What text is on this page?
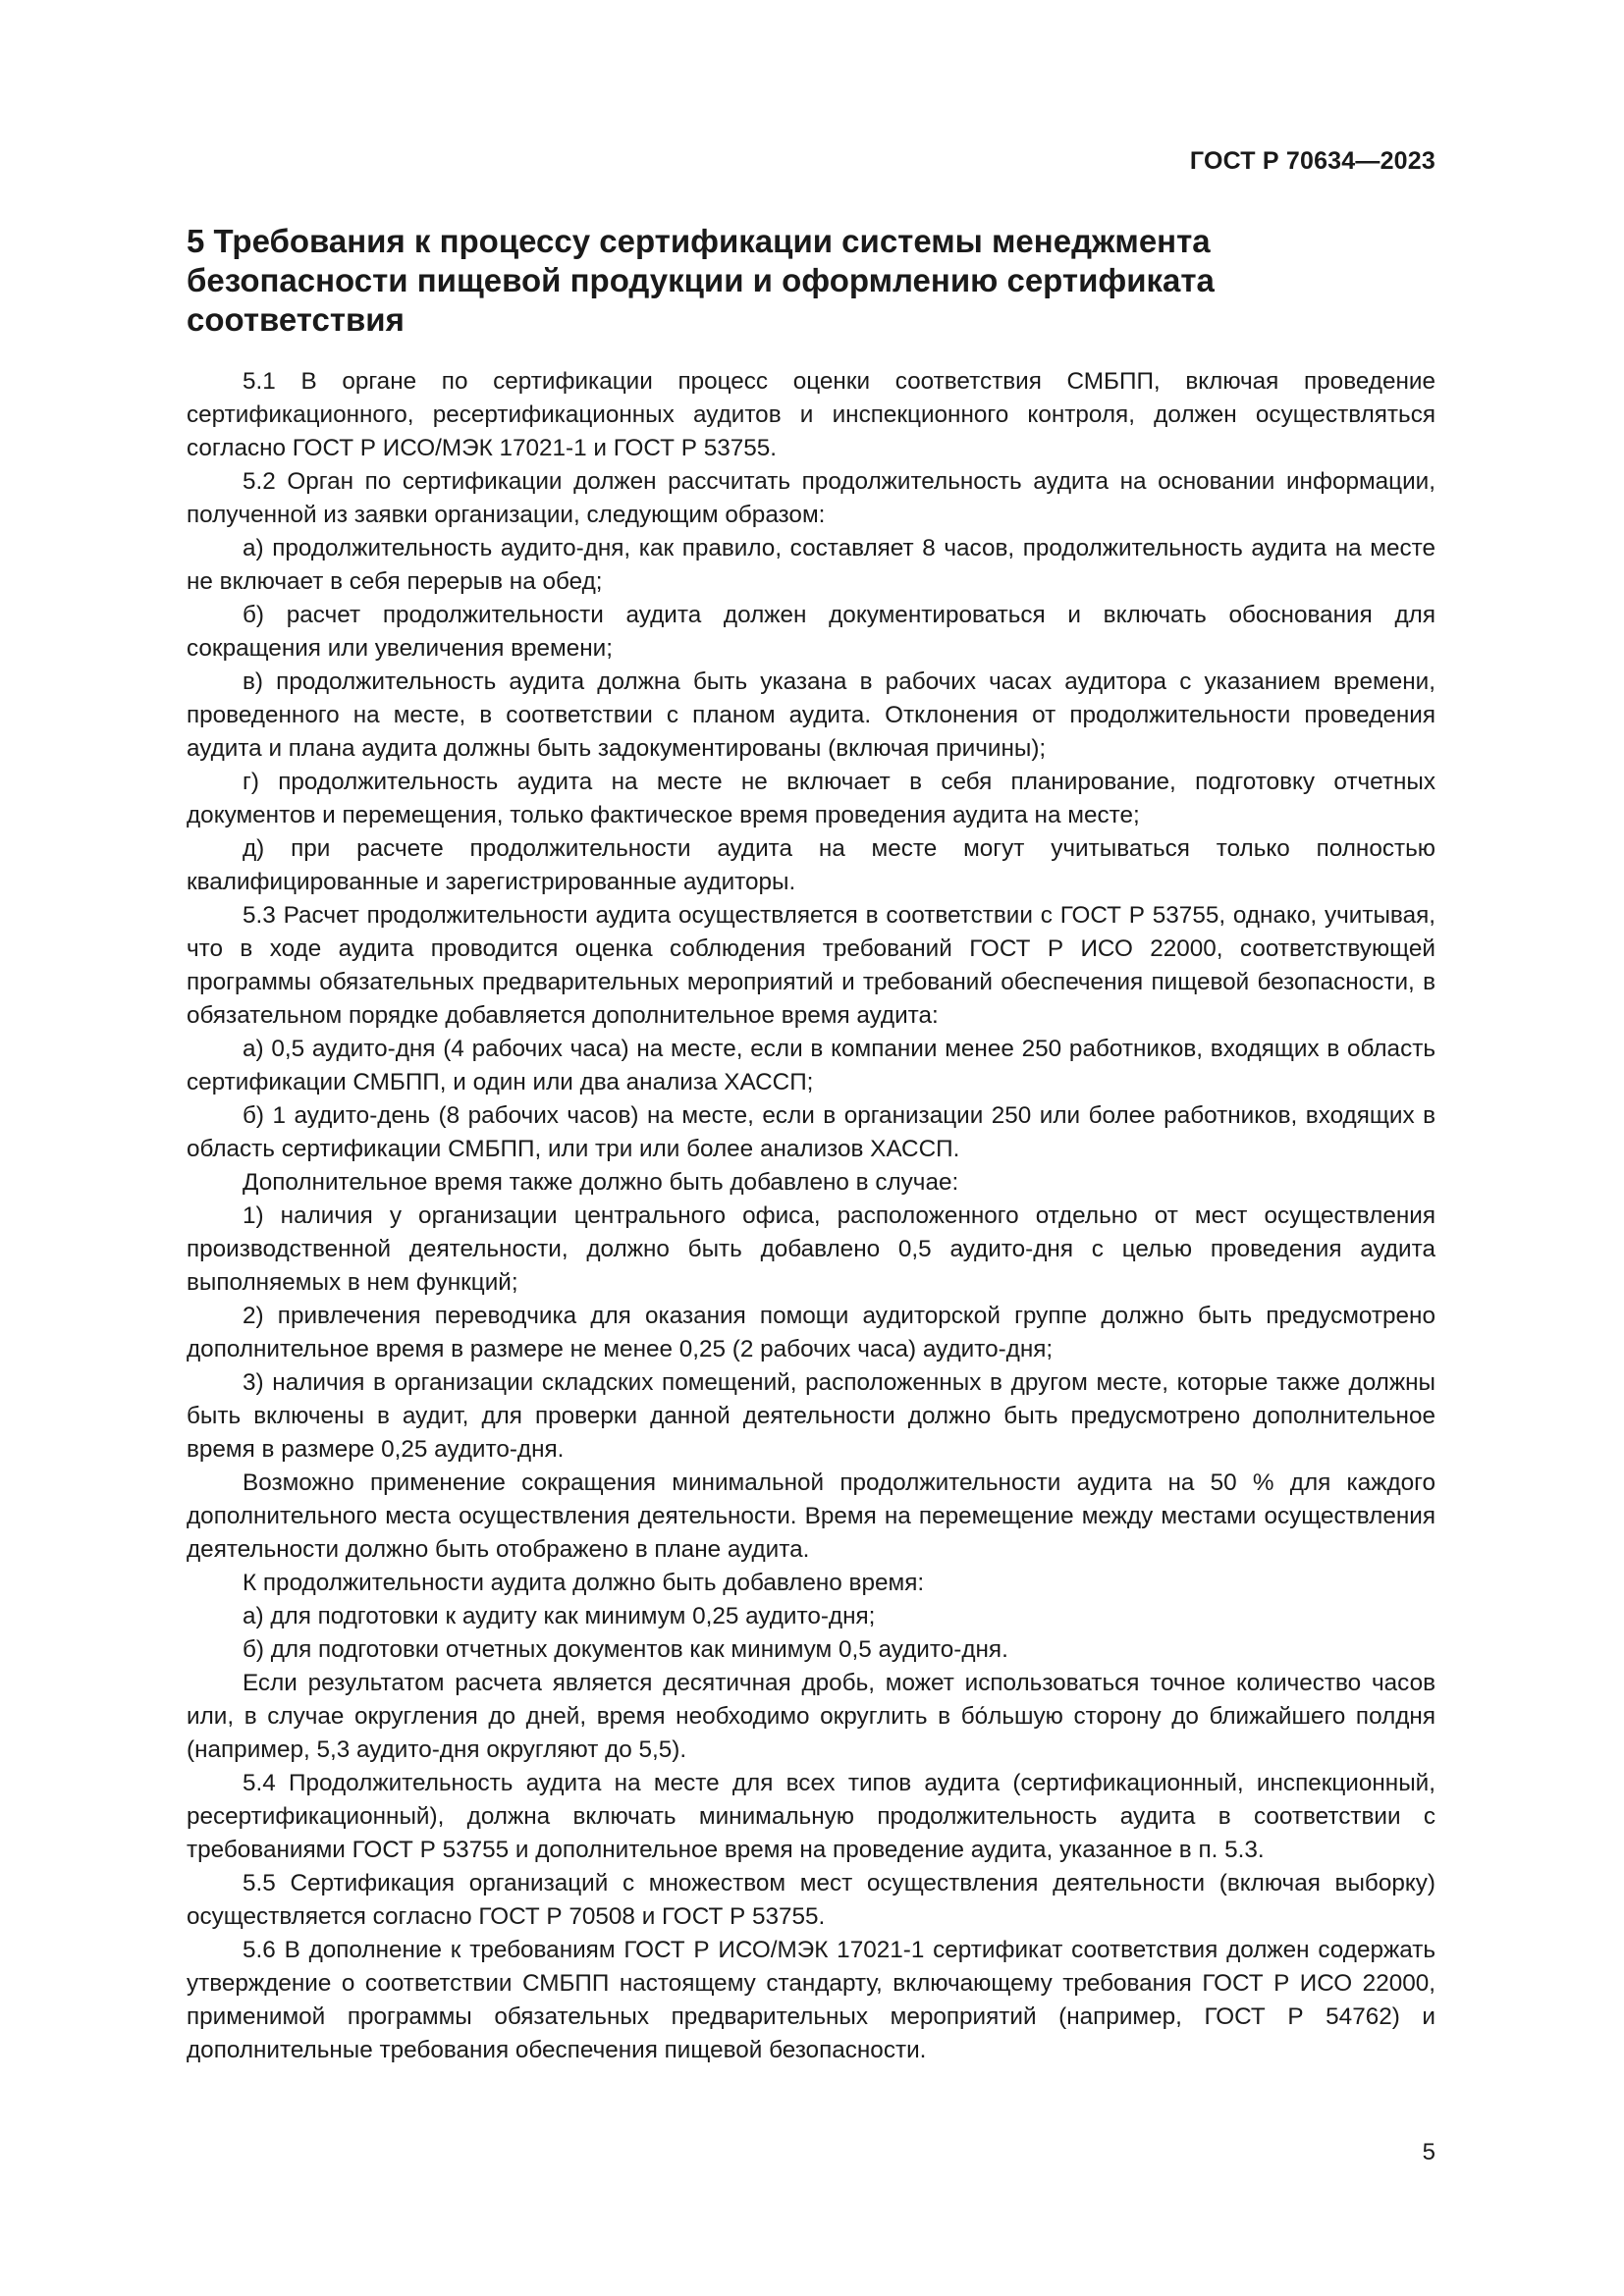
ГОСТ Р 70634—2023
5 Требования к процессу сертификации системы менеджмента безопасности пищевой продукции и оформлению сертификата соответствия

5.1 В органе по сертификации процесс оценки соответствия СМБПП, включая проведение сертификационного, ресертификационных аудитов и инспекционного контроля, должен осуществляться согласно ГОСТ Р ИСО/МЭК 17021-1 и ГОСТ Р 53755.

5.2 Орган по сертификации должен рассчитать продолжительность аудита на основании информации, полученной из заявки организации, следующим образом:

а) продолжительность аудито-дня, как правило, составляет 8 часов, продолжительность аудита на месте не включает в себя перерыв на обед;

б) расчет продолжительности аудита должен документироваться и включать обоснования для сокращения или увеличения времени;

в) продолжительность аудита должна быть указана в рабочих часах аудитора с указанием времени, проведенного на месте, в соответствии с планом аудита. Отклонения от продолжительности проведения аудита и плана аудита должны быть задокументированы (включая причины);

г) продолжительность аудита на месте не включает в себя планирование, подготовку отчетных документов и перемещения, только фактическое время проведения аудита на месте;

д) при расчете продолжительности аудита на месте могут учитываться только полностью квалифицированные и зарегистрированные аудиторы.

5.3 Расчет продолжительности аудита осуществляется в соответствии с ГОСТ Р 53755, однако, учитывая, что в ходе аудита проводится оценка соблюдения требований ГОСТ Р ИСО 22000, соответствующей программы обязательных предварительных мероприятий и требований обеспечения пищевой безопасности, в обязательном порядке добавляется дополнительное время аудита:

а) 0,5 аудито-дня (4 рабочих часа) на месте, если в компании менее 250 работников, входящих в область сертификации СМБПП, и один или два анализа ХАССП;

б) 1 аудито-день (8 рабочих часов) на месте, если в организации 250 или более работников, входящих в область сертификации СМБПП, или три или более анализов ХАССП.

Дополнительное время также должно быть добавлено в случае:

1) наличия у организации центрального офиса, расположенного отдельно от мест осуществления производственной деятельности, должно быть добавлено 0,5 аудито-дня с целью проведения аудита выполняемых в нем функций;

2) привлечения переводчика для оказания помощи аудиторской группе должно быть предусмотрено дополнительное время в размере не менее 0,25 (2 рабочих часа) аудито-дня;

3) наличия в организации складских помещений, расположенных в другом месте, которые также должны быть включены в аудит, для проверки данной деятельности должно быть предусмотрено дополнительное время в размере 0,25 аудито-дня.

Возможно применение сокращения минимальной продолжительности аудита на 50 % для каждого дополнительного места осуществления деятельности. Время на перемещение между местами осуществления деятельности должно быть отображено в плане аудита.

К продолжительности аудита должно быть добавлено время:

а) для подготовки к аудиту как минимум 0,25 аудито-дня;

б) для подготовки отчетных документов как минимум 0,5 аудито-дня.

Если результатом расчета является десятичная дробь, может использоваться точное количество часов или, в случае округления до дней, время необходимо округлить в бо́льшую сторону до ближайшего полдня (например, 5,3 аудито-дня округляют до 5,5).

5.4 Продолжительность аудита на месте для всех типов аудита (сертификационный, инспекционный, ресертификационный), должна включать минимальную продолжительность аудита в соответствии с требованиями ГОСТ Р 53755 и дополнительное время на проведение аудита, указанное в п. 5.3.

5.5 Сертификация организаций с множеством мест осуществления деятельности (включая выборку) осуществляется согласно ГОСТ Р 70508 и ГОСТ Р 53755.

5.6 В дополнение к требованиям ГОСТ Р ИСО/МЭК 17021-1 сертификат соответствия должен содержать утверждение о соответствии СМБПП настоящему стандарту, включающему требования ГОСТ Р ИСО 22000, применимой программы обязательных предварительных мероприятий (например, ГОСТ Р 54762) и дополнительные требования обеспечения пищевой безопасности.

5
